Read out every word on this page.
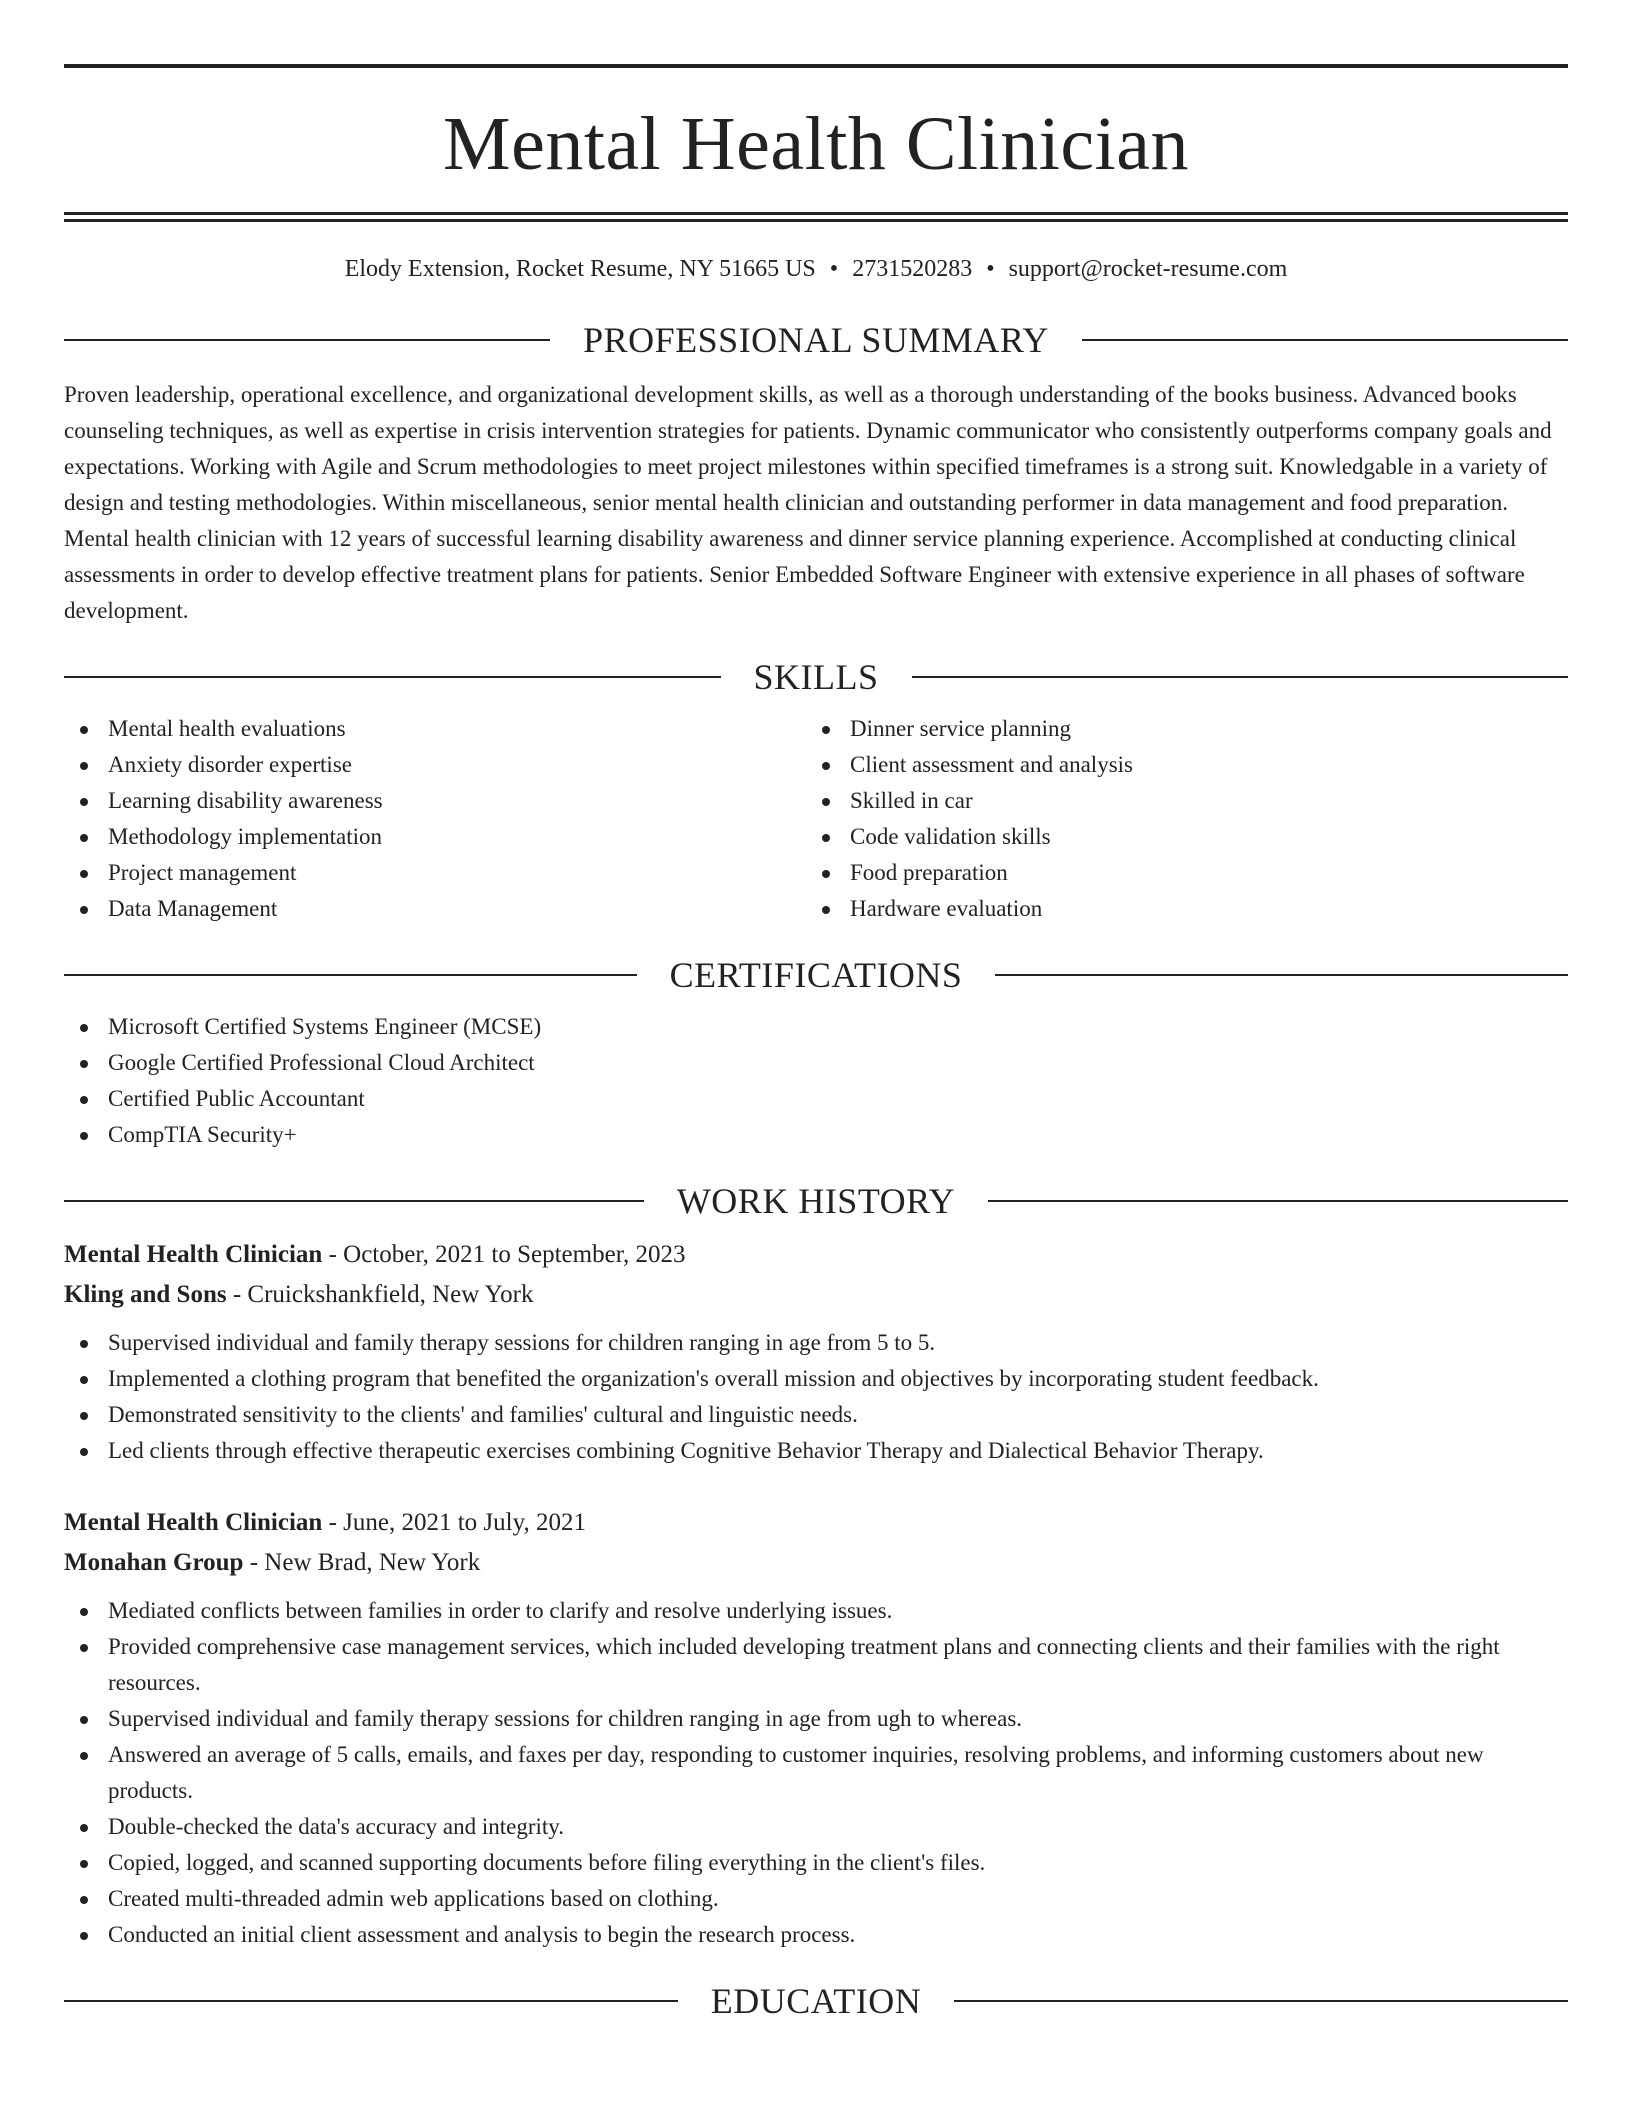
Mental Health Clinician
Elody Extension, Rocket Resume, NY 51665 US • 2731520283 • support@rocket-resume.com
PROFESSIONAL SUMMARY

Proven leadership, operational excellence, and organizational development skills, as well as a thorough understanding of the books business. Advanced books counseling techniques, as well as expertise in crisis intervention strategies for patients. Dynamic communicator who consistently outperforms company goals and expectations. Working with Agile and Scrum methodologies to meet project milestones within specified timeframes is a strong suit. Knowledgable in a variety of design and testing methodologies. Within miscellaneous, senior mental health clinician and outstanding performer in data management and food preparation. Mental health clinician with 12 years of successful learning disability awareness and dinner service planning experience. Accomplished at conducting clinical assessments in order to develop effective treatment plans for patients. Senior Embedded Software Engineer with extensive experience in all phases of software development.

SKILLS
Mental health evaluations
Anxiety disorder expertise
Learning disability awareness
Methodology implementation
Project management
Data Management
Dinner service planning
Client assessment and analysis
Skilled in car
Code validation skills
Food preparation
Hardware evaluation
CERTIFICATIONS
Microsoft Certified Systems Engineer (MCSE)
Google Certified Professional Cloud Architect
Certified Public Accountant
CompTIA Security+
WORK HISTORY
Mental Health Clinician - October, 2021 to September, 2023
Kling and Sons - Cruickshankfield, New York
Supervised individual and family therapy sessions for children ranging in age from 5 to 5.
Implemented a clothing program that benefited the organization's overall mission and objectives by incorporating student feedback.
Demonstrated sensitivity to the clients' and families' cultural and linguistic needs.
Led clients through effective therapeutic exercises combining Cognitive Behavior Therapy and Dialectical Behavior Therapy.
Mental Health Clinician - June, 2021 to July, 2021
Monahan Group - New Brad, New York
Mediated conflicts between families in order to clarify and resolve underlying issues.
Provided comprehensive case management services, which included developing treatment plans and connecting clients and their families with the right resources.
Supervised individual and family therapy sessions for children ranging in age from ugh to whereas.
Answered an average of 5 calls, emails, and faxes per day, responding to customer inquiries, resolving problems, and informing customers about new products.
Double-checked the data's accuracy and integrity.
Copied, logged, and scanned supporting documents before filing everything in the client's files.
Created multi-threaded admin web applications based on clothing.
Conducted an initial client assessment and analysis to begin the research process.
EDUCATION
